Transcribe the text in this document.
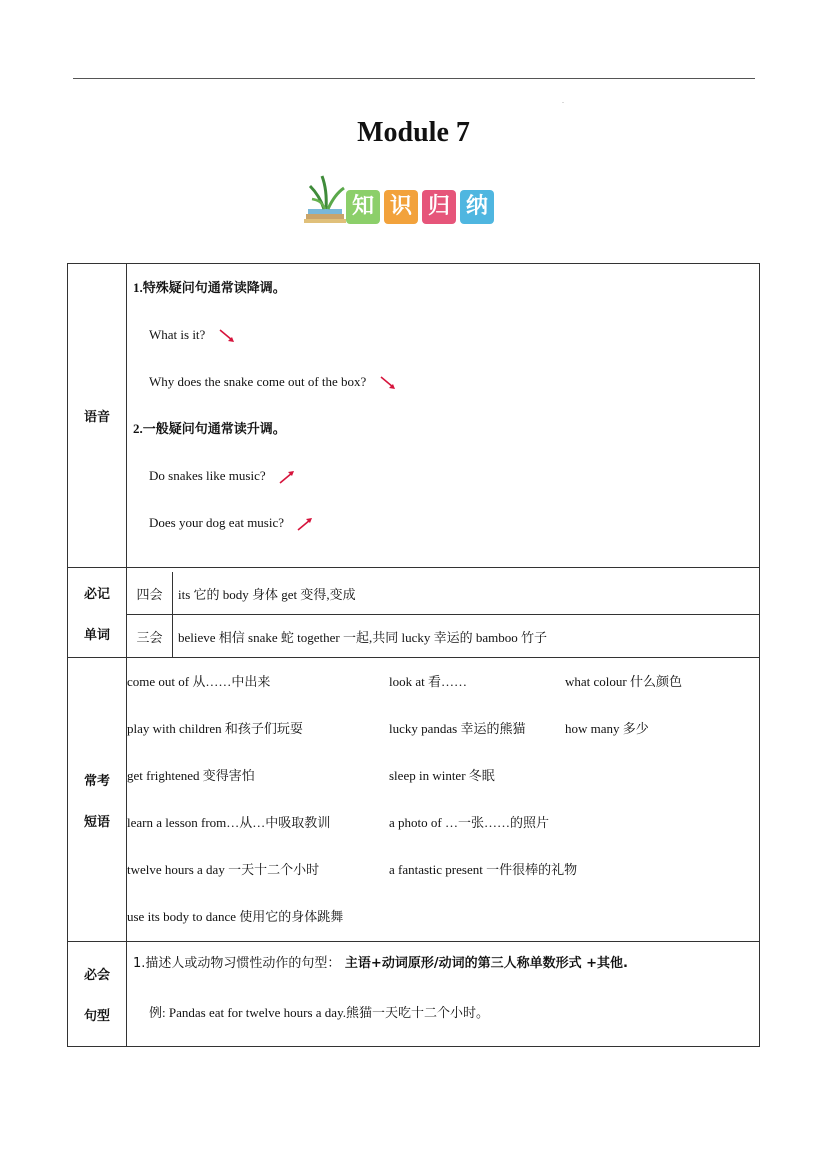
-
Module 7
知 识 归 纳
语音	
1.特殊疑问句通常读降调。
What is it?
Why does the snake come out of the box?
2.一般疑问句通常读升调。
Do snakes like music?
Does your dog eat music?

必记
单词

四会	its 它的 body 身体 get 变得,变成
三会	believe 相信 snake 蛇 together 一起,共同 lucky 幸运的 bamboo 竹子

常考
短语

come out of 从……中出来	look at 看……	what colour 什么颜色
play with children 和孩子们玩耍	lucky pandas 幸运的熊猫	how many 多少
get frightened 变得害怕	sleep in winter 冬眠
learn a lesson from…从…中吸取教训	a photo of …一张……的照片
twelve hours a day 一天十二个小时	a fantastic present 一件很棒的礼物
use its body to dance 使用它的身体跳舞

必会
句型

1.描述人或动物习惯性动作的句型： 主语+动词原形/动词的第三人称单数形式 +其他.
例: Pandas eat for twelve hours a day.熊猫一天吃十二个小时。
